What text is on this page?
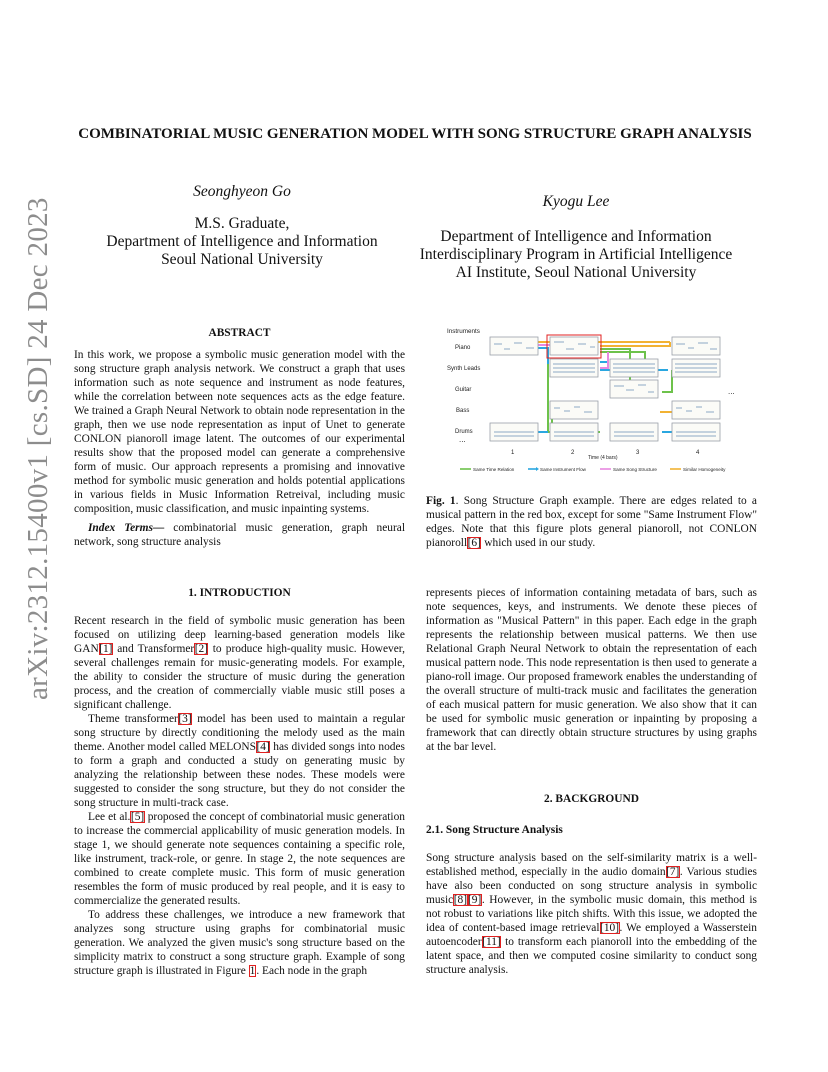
arXiv:2312.15400v1 [cs.SD] 24 Dec 2023
COMBINATORIAL MUSIC GENERATION MODEL WITH SONG STRUCTURE GRAPH ANALYSIS
Seonghyeon Go
M.S. Graduate,
Department of Intelligence and Information
Seoul National University
Kyogu Lee
Department of Intelligence and Information
Interdisciplinary Program in Artificial Intelligence
AI Institute, Seoul National University
ABSTRACT

In this work, we propose a symbolic music generation model with the song structure graph analysis network. We construct a graph that uses information such as note sequence and instrument as node features, while the correlation between note sequences acts as the edge feature. We trained a Graph Neural Network to obtain node representation in the graph, then we use node representation as input of Unet to generate CONLON pianoroll image latent. The outcomes of our experimental results show that the proposed model can generate a comprehensive form of music. Our approach represents a promising and innovative method for symbolic music generation and holds potential applications in various fields in Music Information Retreival, including music composition, music classification, and music inpainting systems.

Index Terms— combinatorial music generation, graph neural network, song structure analysis

1. INTRODUCTION

Recent research in the field of symbolic music generation has been focused on utilizing deep learning-based generation models like GAN[1] and Transformer[2] to produce high-quality music. However, several challenges remain for music-generating models. For example, the ability to consider the structure of music during the generation process, and the creation of commercially viable music still poses a significant challenge.

Theme transformer[3] model has been used to maintain a regular song structure by directly conditioning the melody used as the main theme. Another model called MELONS[4] has divided songs into nodes to form a graph and conducted a study on generating music by analyzing the relationship between these nodes. These models were suggested to consider the song structure, but they do not consider the song structure in multi-track case.

Lee et al.[5] proposed the concept of combinatorial music generation to increase the commercial applicability of music generation models. In stage 1, we should generate note sequences containing a specific role, like instrument, track-role, or genre. In stage 2, the note sequences are combined to create complete music. This form of music generation resembles the form of music produced by real people, and it is easy to commercialize the generated results.

To address these challenges, we introduce a new framework that analyzes song structure using graphs for combinatorial music generation. We analyzed the given music's song structure based on the simplicity matrix to construct a song structure graph. Example of song structure graph is illustrated in Figure 1. Each node in the graph

Instruments
Piano
Synth Leads
Guitar
Bass
Drums
...
...
1	2	3	4
Time (4 bars)
Same Time Relation	Same Instrument Flow	Same Song Structure	Similar Homogeneity
Fig. 1. Song Structure Graph example. There are edges related to a musical pattern in the red box, except for some "Same Instrument Flow" edges. Note that this figure plots general pianoroll, not CONLON pianoroll[6] which used in our study.

represents pieces of information containing metadata of bars, such as note sequences, keys, and instruments. We denote these pieces of information as "Musical Pattern" in this paper. Each edge in the graph represents the relationship between musical patterns. We then use Relational Graph Neural Network to obtain the representation of each musical pattern node. This node representation is then used to generate a piano-roll image. Our proposed framework enables the understanding of the overall structure of multi-track music and facilitates the generation of each musical pattern for music generation. We also show that it can be used for symbolic music generation or inpainting by proposing a framework that can directly obtain structure structures by using graphs at the bar level.

2. BACKGROUND
2.1. Song Structure Analysis

Song structure analysis based on the self-similarity matrix is a well-established method, especially in the audio domain[7]. Various studies have also been conducted on song structure analysis in symbolic music[8][9]. However, in the symbolic music domain, this method is not robust to variations like pitch shifts. With this issue, we adopted the idea of content-based image retrieval[10]. We employed a Wasserstein autoencoder[11] to transform each pianoroll into the embedding of the latent space, and then we computed cosine similarity to conduct song structure analysis.
